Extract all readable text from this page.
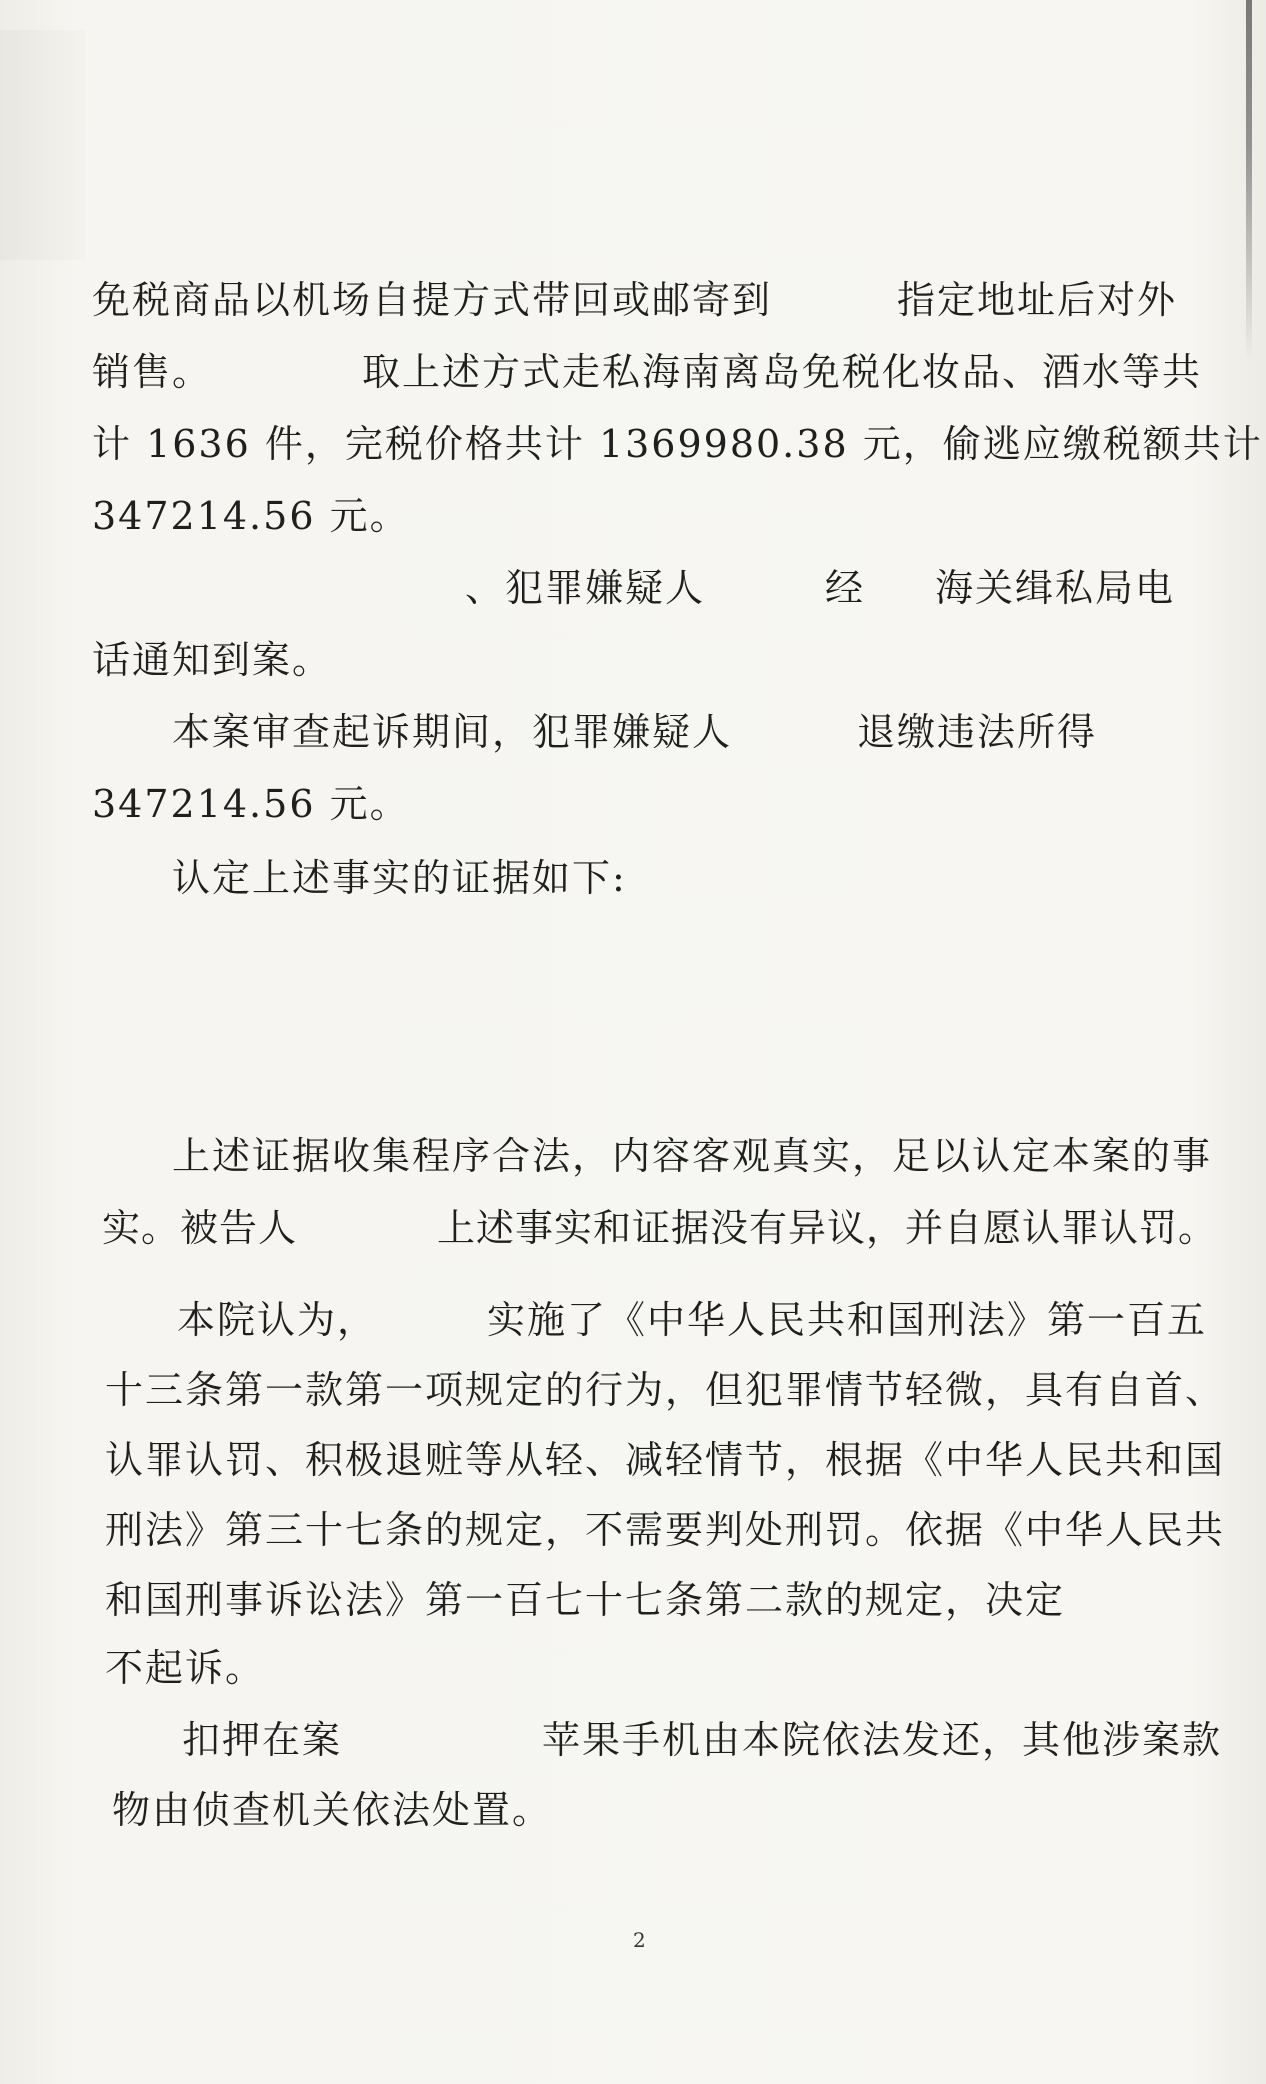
免税商品以机场自提方式带回或邮寄到	指定地址后对外
销售。	取上述方式走私海南离岛免税化妆品、酒水等共
计 1636 件，完税价格共计 1369980.38 元，偷逃应缴税额共计
347214.56 元。
、犯罪嫌疑人	经 海关缉私局电
话通知到案。
本案审查起诉期间，犯罪嫌疑人	退缴违法所得
347214.56 元。
认定上述事实的证据如下:
上述证据收集程序合法，内容客观真实，足以认定本案的事
实。被告人	上述事实和证据没有异议，并自愿认罪认罚。
本院认为，	实施了《中华人民共和国刑法》第一百五
十三条第一款第一项规定的行为，但犯罪情节轻微，具有自首、
认罪认罚、积极退赃等从轻、减轻情节，根据《中华人民共和国
刑法》第三十七条的规定，不需要判处刑罚。依据《中华人民共
和国刑事诉讼法》第一百七十七条第二款的规定，决定
不起诉。
扣押在案	苹果手机由本院依法发还，其他涉案款
物由侦查机关依法处置。
2
